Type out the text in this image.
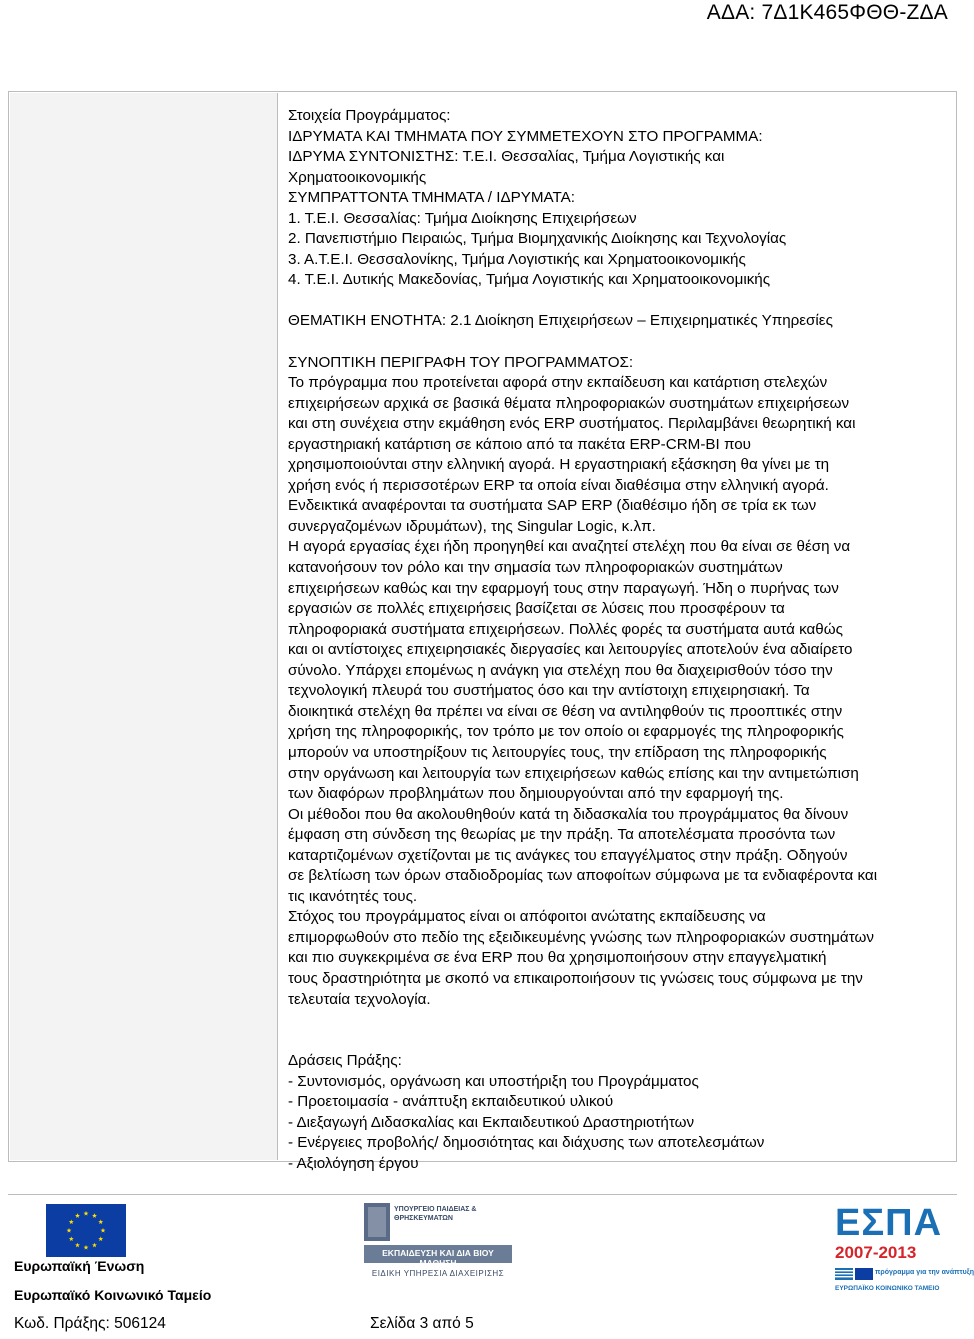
ΑΔΑ: 7Δ1Κ465ΦΘΘ-ΖΔΑ
Στοιχεία Προγράμματος:
ΙΔΡΥΜΑΤΑ ΚΑΙ ΤΜΗΜΑΤΑ ΠΟΥ ΣΥΜΜΕΤΕΧΟΥΝ ΣΤΟ ΠΡΟΓΡΑΜΜΑ:
ΙΔΡΥΜΑ ΣΥΝΤΟΝΙΣΤΗΣ: Τ.Ε.Ι. Θεσσαλίας, Τμήμα Λογιστικής και
Χρηματοοικονομικής
ΣΥΜΠΡΑΤΤΟΝΤΑ ΤΜΗΜΑΤΑ / ΙΔΡΥΜΑΤΑ:
1. Τ.Ε.Ι. Θεσσαλίας: Τμήμα Διοίκησης Επιχειρήσεων
2. Πανεπιστήμιο Πειραιώς, Τμήμα Βιομηχανικής Διοίκησης και Τεχνολογίας
3. Α.Τ.Ε.Ι. Θεσσαλονίκης, Τμήμα Λογιστικής και Χρηματοοικονομικής
4. Τ.Ε.Ι. Δυτικής Μακεδονίας, Τμήμα Λογιστικής και Χρηματοοικονομικής
ΘΕΜΑΤΙΚΗ ΕΝΟΤΗΤΑ: 2.1 Διοίκηση Επιχειρήσεων – Επιχειρηματικές Υπηρεσίες
ΣΥΝΟΠΤΙΚΗ ΠΕΡΙΓΡΑΦΗ ΤΟΥ ΠΡΟΓΡΑΜΜΑΤΟΣ:
Το πρόγραμμα που προτείνεται αφορά στην εκπαίδευση και κατάρτιση στελεχών
επιχειρήσεων αρχικά σε βασικά θέματα πληροφοριακών συστημάτων επιχειρήσεων
και στη συνέχεια στην εκμάθηση ενός ERP συστήματος. Περιλαμβάνει θεωρητική και
εργαστηριακή κατάρτιση σε κάποιο από τα πακέτα ERP-CRM-BI που
χρησιμοποιούνται στην ελληνική αγορά. Η εργαστηριακή εξάσκηση θα γίνει με τη
χρήση ενός ή περισσοτέρων ERP τα οποία είναι διαθέσιμα στην ελληνική αγορά.
Ενδεικτικά αναφέρονται τα συστήματα SAP ERP (διαθέσιμο ήδη σε τρία εκ των
συνεργαζομένων ιδρυμάτων), της Singular Logic, κ.λπ.
Η αγορά εργασίας έχει ήδη προηγηθεί και αναζητεί στελέχη που θα είναι σε θέση να
κατανοήσουν τον ρόλο και την σημασία των πληροφοριακών συστημάτων
επιχειρήσεων καθώς και την εφαρμογή τους στην παραγωγή. Ήδη ο πυρήνας των
εργασιών σε πολλές επιχειρήσεις βασίζεται σε λύσεις που προσφέρουν τα
πληροφοριακά συστήματα επιχειρήσεων. Πολλές φορές τα συστήματα αυτά καθώς
και οι αντίστοιχες επιχειρησιακές διεργασίες και λειτουργίες αποτελούν ένα αδιαίρετο
σύνολο. Υπάρχει επομένως η ανάγκη για στελέχη που θα διαχειρισθούν τόσο την
τεχνολογική πλευρά του συστήματος όσο και την αντίστοιχη επιχειρησιακή. Τα
διοικητικά στελέχη θα πρέπει να είναι σε θέση να αντιληφθούν τις προοπτικές στην
χρήση της πληροφορικής, τον τρόπο με τον οποίο οι εφαρμογές της πληροφορικής
μπορούν να υποστηρίξουν τις λειτουργίες τους, την επίδραση της πληροφορικής
στην οργάνωση και λειτουργία των επιχειρήσεων καθώς επίσης και την αντιμετώπιση
των διαφόρων προβλημάτων που δημιουργούνται από την εφαρμογή της.
Οι μέθοδοι που θα ακολουθηθούν κατά τη διδασκαλία του προγράμματος θα δίνουν
έμφαση στη σύνδεση της θεωρίας με την πράξη. Τα αποτελέσματα προσόντα των
καταρτιζομένων σχετίζονται με τις ανάγκες του επαγγέλματος στην πράξη. Οδηγούν
σε βελτίωση των όρων σταδιοδρομίας των αποφοίτων σύμφωνα με τα ενδιαφέροντα και
τις ικανότητές τους.
Στόχος του προγράμματος είναι οι απόφοιτοι ανώτατης εκπαίδευσης να
επιμορφωθούν στο πεδίο της εξειδικευμένης γνώσης των πληροφοριακών συστημάτων
και πιο συγκεκριμένα σε ένα ERP που θα χρησιμοποιήσουν στην επαγγελματική
τους δραστηριότητα με σκοπό να επικαιροποιήσουν τις γνώσεις τους σύμφωνα με την
τελευταία τεχνολογία.
Δράσεις Πράξης:
- Συντονισμός, οργάνωση και υποστήριξη του Προγράμματος
- Προετοιμασία - ανάπτυξη εκπαιδευτικού υλικού
- Διεξαγωγή Διδασκαλίας και Εκπαιδευτικού Δραστηριοτήτων
- Ενέργειες προβολής/ δημοσιότητας και διάχυσης των αποτελεσμάτων
- Αξιολόγηση έργου
Ευρωπαϊκή Ένωση
Ευρωπαϊκό Κοινωνικό Ταμείο
ΥΠΟΥΡΓΕΙΟ ΠΑΙΔΕΙΑΣ & ΘΡΗΣΚΕΥΜΑΤΩΝ
ΕΚΠΑΙΔΕΥΣΗ ΚΑΙ ΔΙΑ ΒΙΟΥ ΜΑΘΗΣΗ
ΕΙΔΙΚΗ ΥΠΗΡΕΣΙΑ ΔΙΑΧΕΙΡΙΣΗΣ
ΕΣΠΑ
2007-2013
πρόγραμμα για την ανάπτυξη
ΕΥΡΩΠΑΪΚΟ ΚΟΙΝΩΝΙΚΟ ΤΑΜΕΙΟ
Κωδ. Πράξης: 506124	Σελίδα 3 από 5
